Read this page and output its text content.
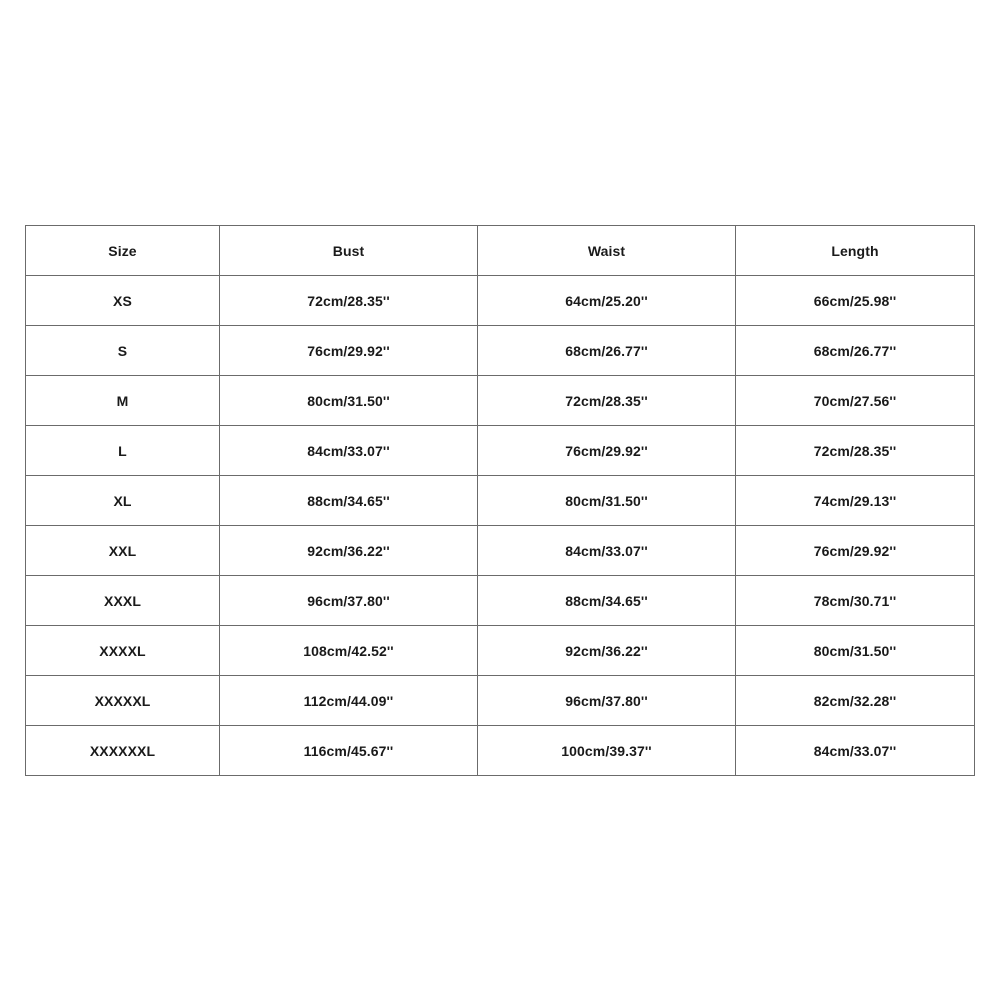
Size	Bust	Waist	Length
XS	72cm/28.35''	64cm/25.20''	66cm/25.98''
S	76cm/29.92''	68cm/26.77''	68cm/26.77''
M	80cm/31.50''	72cm/28.35''	70cm/27.56''
L	84cm/33.07''	76cm/29.92''	72cm/28.35''
XL	88cm/34.65''	80cm/31.50''	74cm/29.13''
XXL	92cm/36.22''	84cm/33.07''	76cm/29.92''
XXXL	96cm/37.80''	88cm/34.65''	78cm/30.71''
XXXXL	108cm/42.52''	92cm/36.22''	80cm/31.50''
XXXXXL	112cm/44.09''	96cm/37.80''	82cm/32.28''
XXXXXXL	116cm/45.67''	100cm/39.37''	84cm/33.07''
